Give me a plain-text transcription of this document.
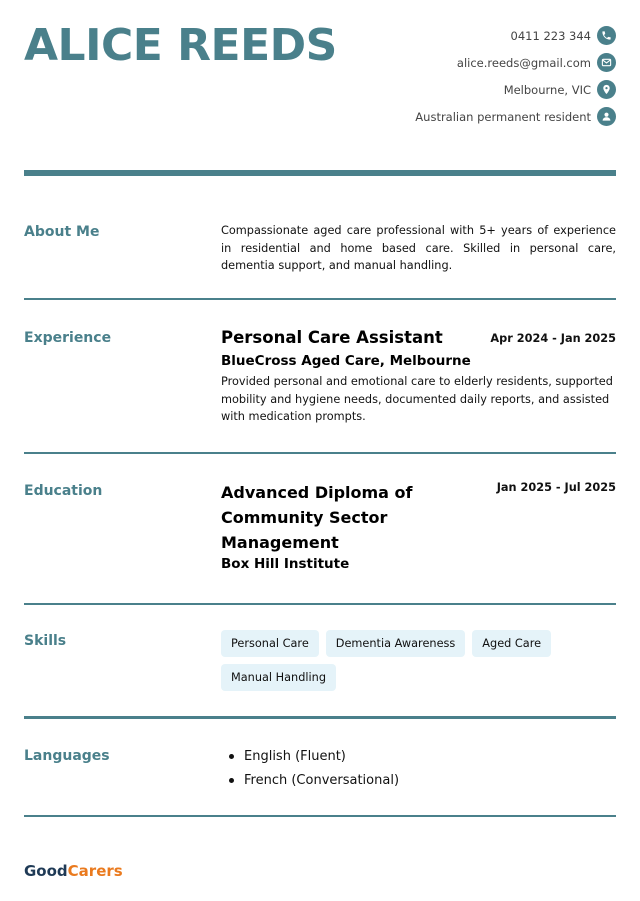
ALICE REEDS	0411 223 344
alice.reeds@gmail.com
Melbourne, VIC
Australian permanent resident
About Me	Compassionate aged care professional with 5+ years of experience in residential and home based care. Skilled in personal care, dementia support, and manual handling.
Experience	Apr 2024 - Jan 2025
Personal Care Assistant
BlueCross Aged Care, Melbourne
Provided personal and emotional care to elderly residents, supported mobility and hygiene needs, documented daily reports, and assisted with medication prompts.
Education	Jan 2025 - Jul 2025
Advanced Diploma of Community Sector Management
Box Hill Institute
Skills	Personal Care	Dementia Awareness	Aged Care
Manual Handling
Languages	English (Fluent)
French (Conversational)
GoodCarers
